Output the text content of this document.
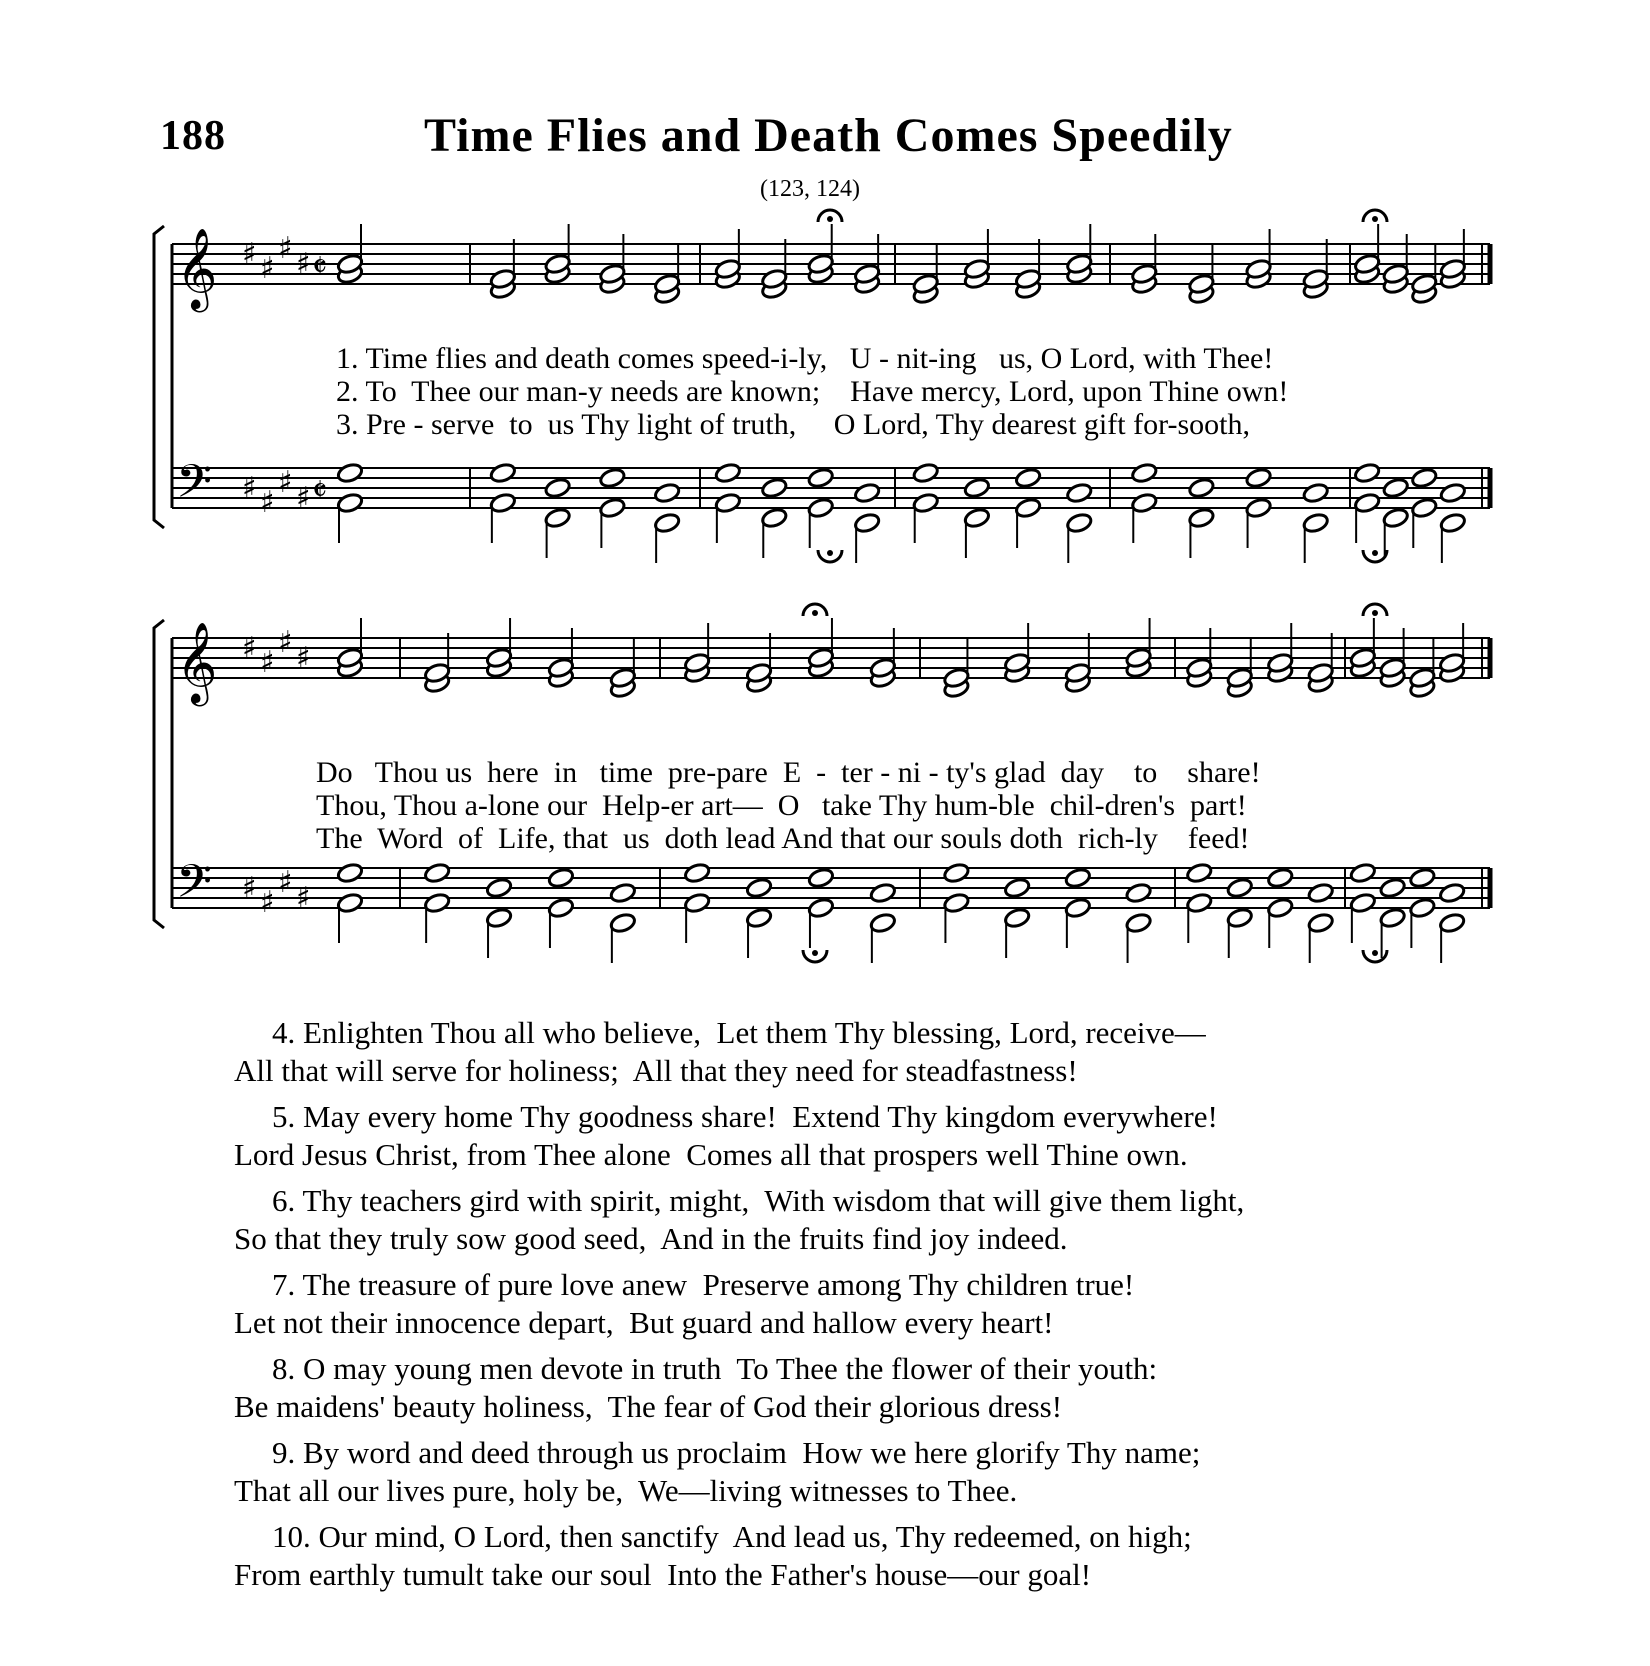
188	Time Flies and Death Comes Speedily
(123, 124)
𝄞
𝄢
♯ ♯
♯ ♯
♯ ♯
♯ ♯
𝄵
𝄵
𝄞
𝄢
♯ ♯
♯ ♯
♯ ♯
♯ ♯
1. Time flies and death comes speed-i-ly,   U - nit-ing   us, O Lord, with Thee!
2. To  Thee our man-y needs are known;    Have mercy, Lord, upon Thine own!
3. Pre - serve  to  us Thy light of truth,     O Lord, Thy dearest gift for-sooth,
Do   Thou us  here  in   time  pre-pare  E  -  ter - ni - ty's glad  day    to    share!
Thou, Thou a-lone our  Help-er art—  O   take Thy hum-ble  chil-dren's  part!
The  Word  of  Life, that  us  doth lead And that our souls doth  rich-ly    feed!
4. Enlighten Thou all who believe,  Let them Thy blessing, Lord, receive—
All that will serve for holiness;  All that they need for steadfastness!
5. May every home Thy goodness share!  Extend Thy kingdom everywhere!
Lord Jesus Christ, from Thee alone  Comes all that prospers well Thine own.
6. Thy teachers gird with spirit, might,  With wisdom that will give them light,
So that they truly sow good seed,  And in the fruits find joy indeed.
7. The treasure of pure love anew  Preserve among Thy children true!
Let not their innocence depart,  But guard and hallow every heart!
8. O may young men devote in truth  To Thee the flower of their youth:
Be maidens' beauty holiness,  The fear of God their glorious dress!
9. By word and deed through us proclaim  How we here glorify Thy name;
That all our lives pure, holy be,  We—living witnesses to Thee.
10. Our mind, O Lord, then sanctify  And lead us, Thy redeemed, on high;
From earthly tumult take our soul  Into the Father's house—our goal!
